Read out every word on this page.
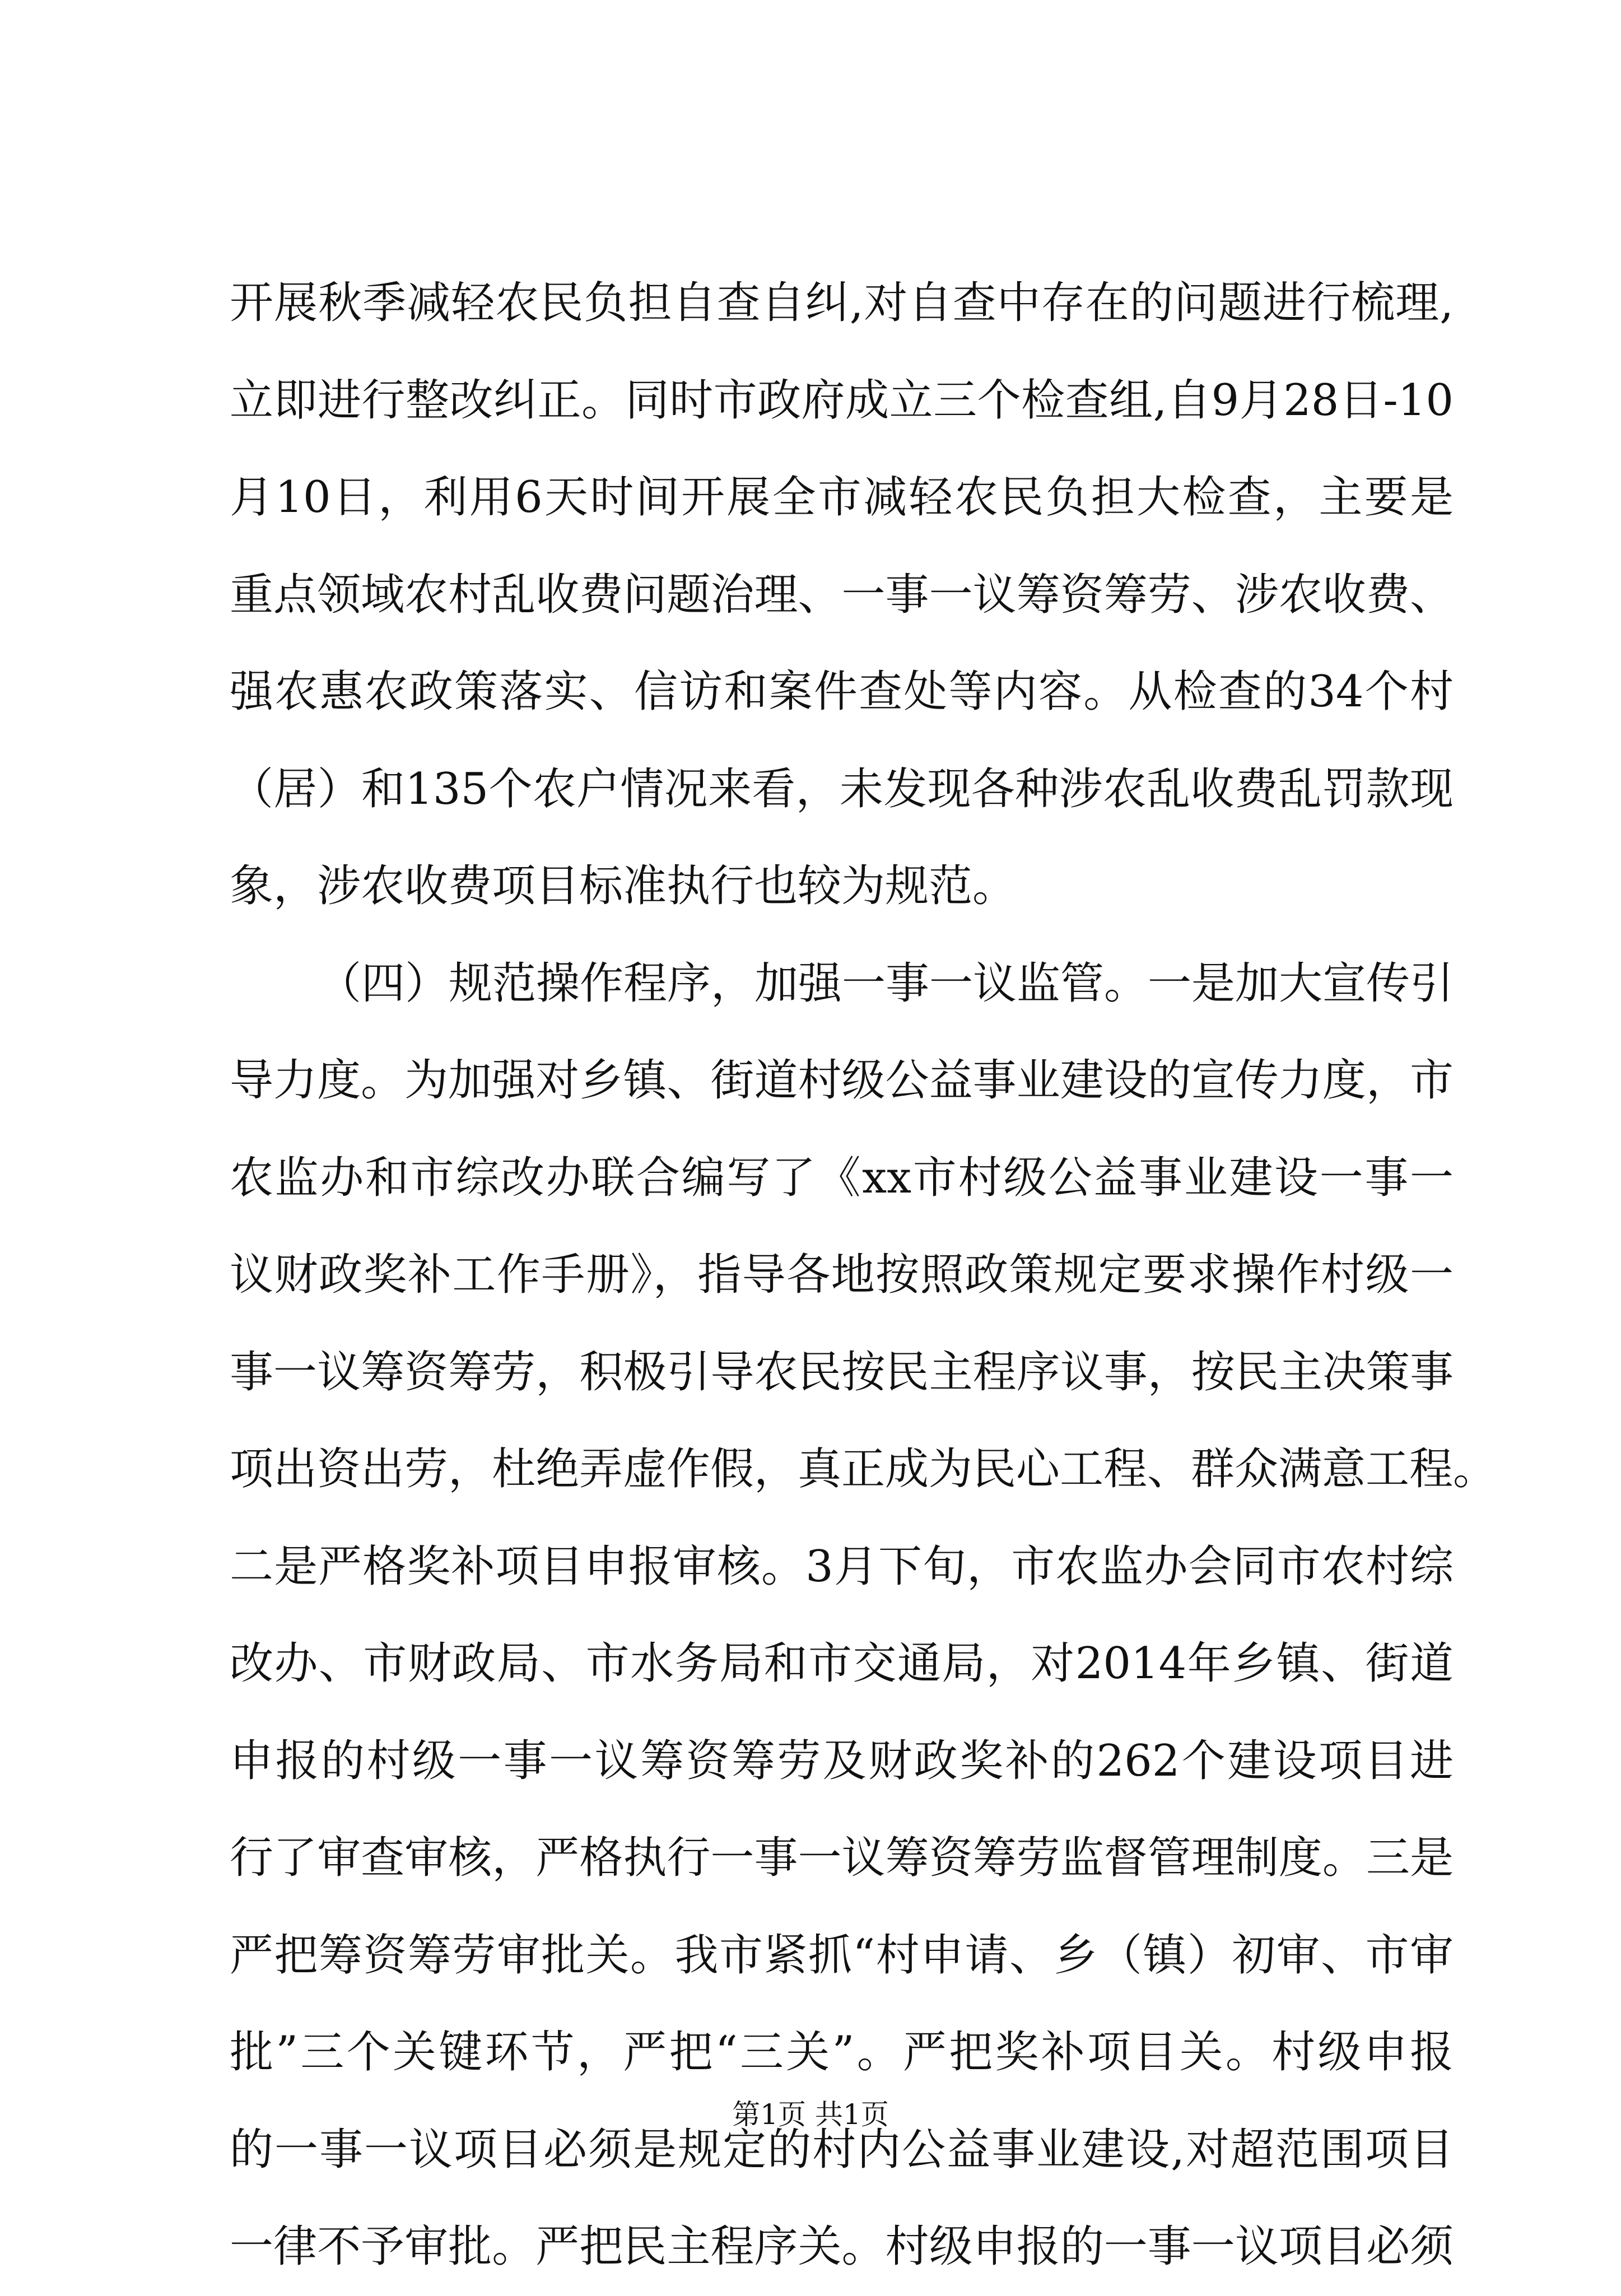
开展秋季减轻农民负担自查自纠,对自查中存在的问题进行梳理,
立即进行整改纠正。同时市政府成立三个检查组,自9月28日-10
月10日，利用6天时间开展全市减轻农民负担大检查，主要是
重点领域农村乱收费问题治理、一事一议筹资筹劳、涉农收费、
强农惠农政策落实、信访和案件查处等内容。从检查的34个村
（居）和135个农户情况来看，未发现各种涉农乱收费乱罚款现
象，涉农收费项目标准执行也较为规范。
（四）规范操作程序，加强一事一议监管。一是加大宣传引
导力度。为加强对乡镇、街道村级公益事业建设的宣传力度，市
农监办和市综改办联合编写了《xx市村级公益事业建设一事一
议财政奖补工作手册》，指导各地按照政策规定要求操作村级一
事一议筹资筹劳，积极引导农民按民主程序议事，按民主决策事
项出资出劳，杜绝弄虚作假，真正成为民心工程、群众满意工程。
二是严格奖补项目申报审核。3月下旬，市农监办会同市农村综
改办、市财政局、市水务局和市交通局，对2014年乡镇、街道
申报的村级一事一议筹资筹劳及财政奖补的262个建设项目进
行了审查审核，严格执行一事一议筹资筹劳监督管理制度。三是
严把筹资筹劳审批关。我市紧抓“村申请、乡（镇）初审、市审
批”三个关键环节，严把“三关”。严把奖补项目关。村级申报
的一事一议项目必须是规定的村内公益事业建设,对超范围项目
一律不予审批。严把民主程序关。村级申报的一事一议项目必须
第1页 共1页
